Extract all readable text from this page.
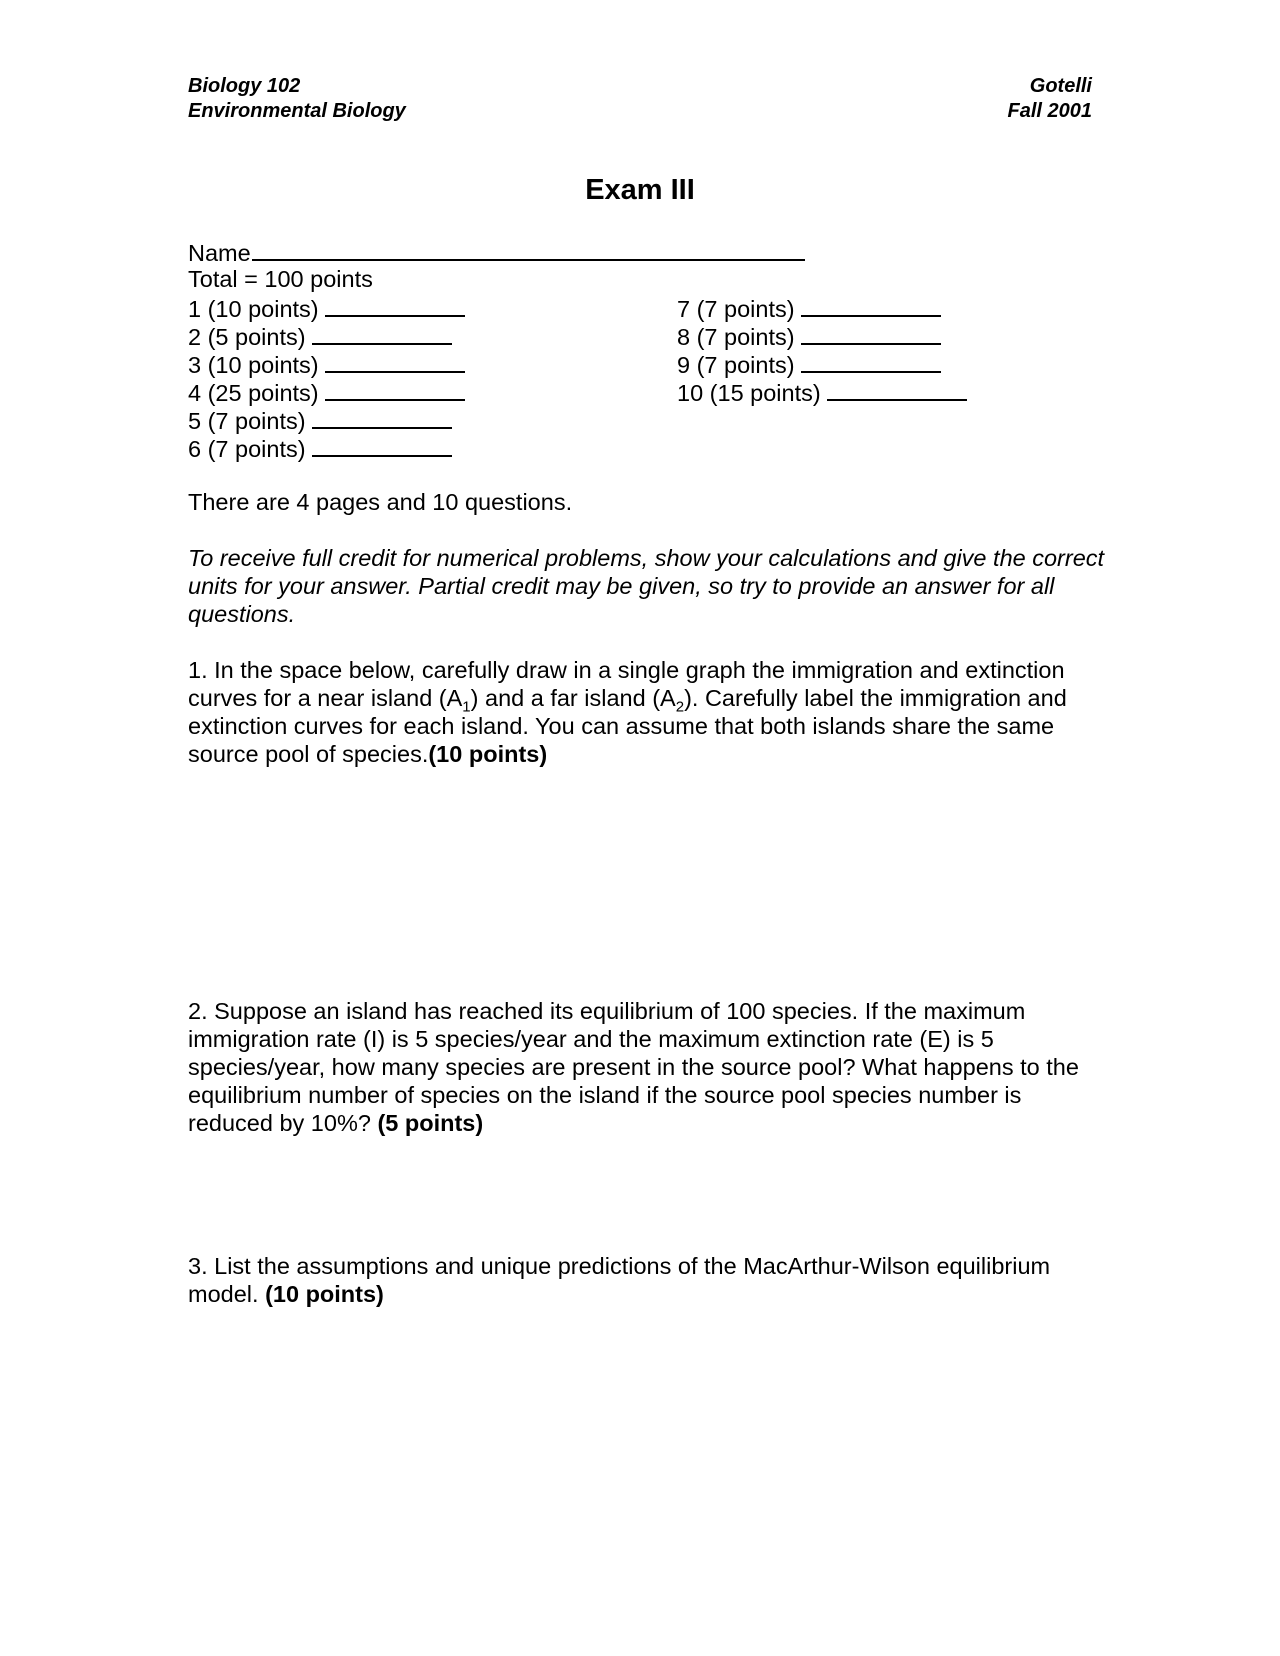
Biology 102
Environmental Biology
Gotelli
Fall 2001
Exam III
Name
Total = 100 points
1 (10 points)
2 (5 points)
3 (10 points)
4 (25 points)
5 (7 points)
6 (7 points)
7 (7 points)
8 (7 points)
9 (7 points)
10 (15 points)
There are 4 pages and 10 questions.
To receive full credit for numerical problems, show your calculations and give the correct units for your answer. Partial credit may be given, so try to provide an answer for all questions.
1. In the space below, carefully draw in a single graph the immigration and extinction curves for a near island $(A_1)$ and a far island $(A_2)$. Carefully label the immigration and extinction curves for each island. You can assume that both islands share the same source pool of species.(10 points)
2. Suppose an island has reached its equilibrium of 100 species. If the maximum immigration rate (I) is 5 species/year and the maximum extinction rate (E) is 5 species/year, how many species are present in the source pool? What happens to the equilibrium number of species on the island if the source pool species number is reduced by 10%? (5 points)
3. List the assumptions and unique predictions of the MacArthur-Wilson equilibrium model. (10 points)
